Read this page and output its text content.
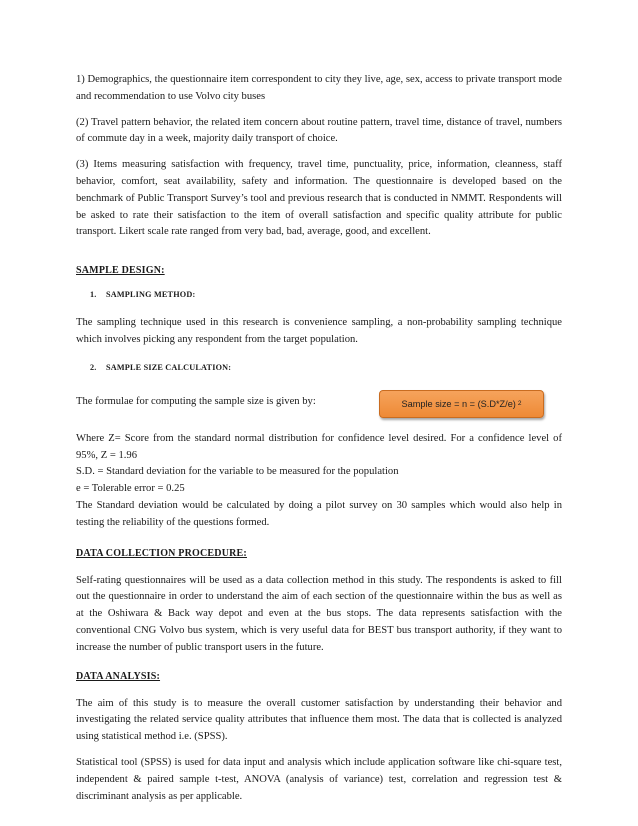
1) Demographics, the questionnaire item correspondent to city they live, age, sex, access to private transport mode and recommendation to use Volvo city buses

(2) Travel pattern behavior, the related item concern about routine pattern, travel time, distance of travel, numbers of commute day in a week, majority daily transport of choice.

(3) Items measuring satisfaction with frequency, travel time, punctuality, price, information, cleanness, staff behavior, comfort, seat availability, safety and information. The questionnaire is developed based on the benchmark of Public Transport Survey’s tool and previous research that is conducted in NMMT. Respondents will be asked to rate their satisfaction to the item of overall satisfaction and specific quality attribute for public transport. Likert scale rate ranged from very bad, bad, average, good, and excellent.

SAMPLE DESIGN:
1. SAMPLING METHOD:

The sampling technique used in this research is convenience sampling, a non-probability sampling technique which involves picking any respondent from the target population.

2. SAMPLE SIZE CALCULATION:

The formulae for computing the sample size is given by:	Sample size = n = (S.D*Z/e) 2

Where Z= Score from the standard normal distribution for confidence level desired. For a confidence level of 95%, Z = 1.96

S.D. = Standard deviation for the variable to be measured for the population

e = Tolerable error = 0.25

The Standard deviation would be calculated by doing a pilot survey on 30 samples which would also help in testing the reliability of the questions formed.

DATA COLLECTION PROCEDURE:

Self-rating questionnaires will be used as a data collection method in this study. The respondents is asked to fill out the questionnaire in order to understand the aim of each section of the questionnaire within the bus as well as at the Oshiwara & Back way depot and even at the bus stops. The data represents satisfaction with the conventional CNG Volvo bus system, which is very useful data for BEST bus transport authority, if they want to increase the number of public transport users in the future.

DATA ANALYSIS:

The aim of this study is to measure the overall customer satisfaction by understanding their behavior and investigating the related service quality attributes that influence them most. The data that is collected is analyzed using statistical method i.e. (SPSS).

Statistical tool (SPSS) is used for data input and analysis which include application software like chi-square test, independent & paired sample t-test, ANOVA (analysis of variance) test, correlation and regression test & discriminant analysis as per applicable.
